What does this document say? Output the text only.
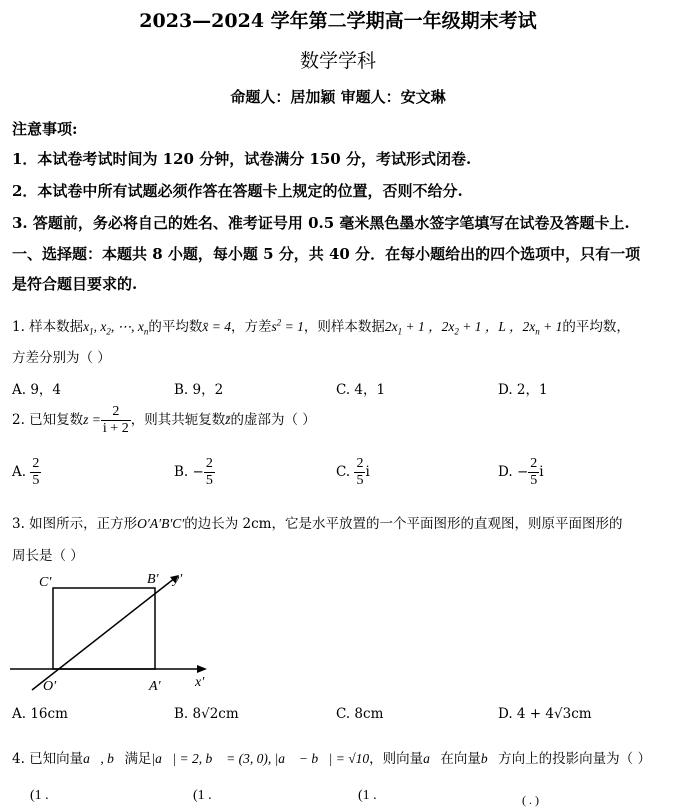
2023—2024 学年第二学期高一年级期末考试
数学学科
命题人：居加颖 审题人：安文琳
注意事项:
1．本试卷考试时间为 120 分钟，试卷满分 150 分，考试形式闭卷.
2．本试卷中所有试题必须作答在答题卡上规定的位置，否则不给分.
3. 答题前，务必将自己的姓名、准考证号用 0.5 毫米黑色墨水签字笔填写在试卷及答题卡上.
一、选择题：本题共 8 小题，每小题 5 分，共 40 分．在每小题给出的四个选项中，只有一项
是符合题目要求的.
1. 样本数据$x_1$, $x_2$, ⋯, $x_n$的平均数x̄ = 4，方差$s^2 = 1$，则样本数据$2x_1 + 1$ ，$2x_2 + 1$ ，L ，$2x_n + 1$的平均数，
方差分别为（ ）
A. 9，4	B. 9，2	C. 4，1	D. 2，1
2. 已知复数$z = \frac{2}{i + 2}$ ，则其共轭复数z̄的虚部为（ ）
A. $\frac{2}{5}$	B. − $\frac{2}{5}$	C. $\frac{2}{5}$ i	D. − $\frac{2}{5}$ i
3. 如图所示，正方形O′A′B′C′的边长为 2cm，它是水平放置的一个平面图形的直观图，则原平面图形的
周长是（ ）
C′	B′ y′
O′	A′ x′
A. 16cm	B. 8√2cm	C. 8cm	D. 4 + 4√3cm
4. 已知向量a⃗, b⃗满足|a⃗| = 2, b⃗ = (3, 0), |a⃗ − b⃗| = √10，则向量a⃗在向量b⃗方向上的投影向量为（ ）
(1 .	(1 .	(1 .	( . )
